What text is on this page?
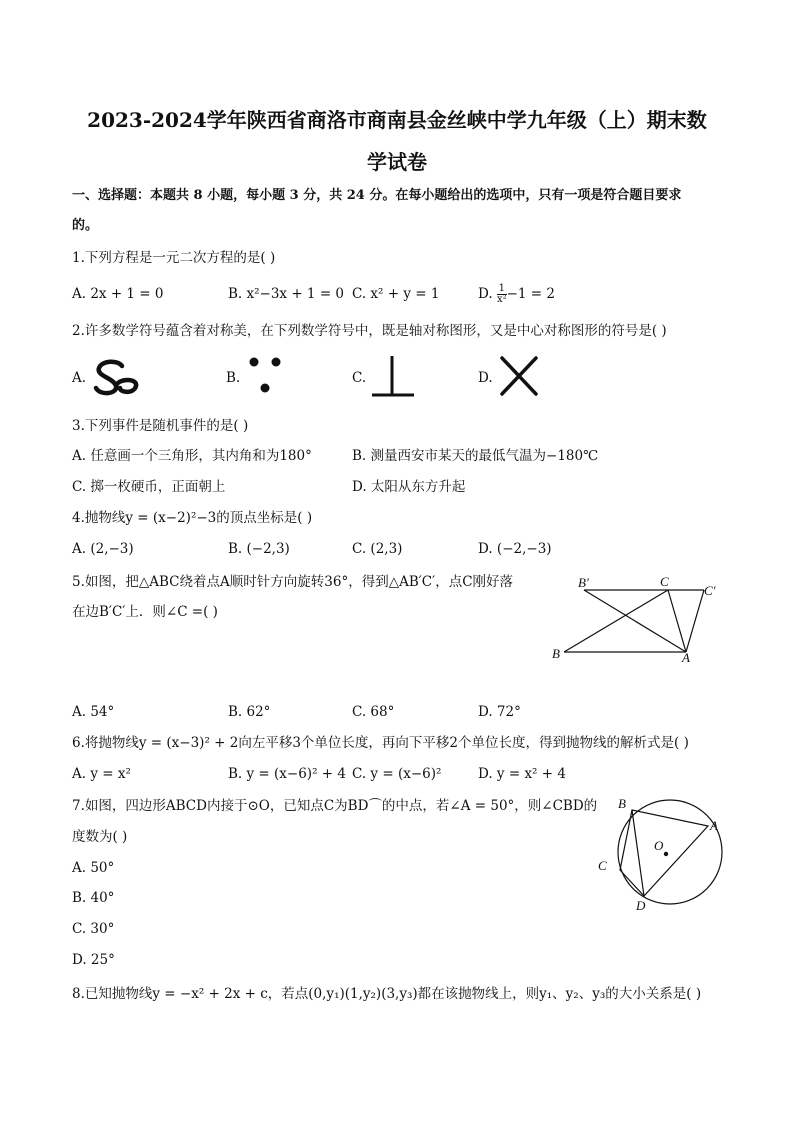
2023-2024学年陕西省商洛市商南县金丝峡中学九年级（上）期末数
学试卷
一、选择题：本题共 8 小题，每小题 3 分，共 24 分。在每小题给出的选项中，只有一项是符合题目要求
的。
1.下列方程是一元二次方程的是( )
A. 2x + 1 = 0	B. x²−3x + 1 = 0 C. x² + y = 1	D. $\frac{1}{\text{x²}} -1 = 2$
2.许多数学符号蕴含着对称美，在下列数学符号中，既是轴对称图形，又是中心对称图形的符号是( )
A.	B.	C.	D.
3.下列事件是随机事件的是( )
A. 任意画一个三角形，其内角和为180°	B. 测量西安市某天的最低气温为−180℃
C. 掷一枚硬币，正面朝上	D. 太阳从东方升起
4.抛物线y = (x−2)²−3的顶点坐标是( )
A. (2,−3)	B. (−2,3)	C. (2,3)	D. (−2,−3)
5.如图，把△ABC绕着点A顺时针方向旋转36°，得到△AB′C′，点C刚好落
在边B′C′上．则∠C =( )
B′	C
C′
B	A
A. 54°	B. 62°	C. 68°	D. 72°
6.将抛物线y = (x−3)² + 2向左平移3个单位长度，再向下平移2个单位长度，得到抛物线的解析式是( )
A. y = x²	B. y = (x−6)² + 4 C. y = (x−6)²	D. y = x² + 4
7.如图，四边形ABCD内接于⊙O，已知点C为BD⌒的中点，若∠A = 50°，则∠CBD的
度数为( )
B
A
O
C
D
A. 50°
B. 40°
C. 30°
D. 25°
8.已知抛物线y = −x² + 2x + c，若点(0,y₁)(1,y₂)(3,y₃)都在该抛物线上，则y₁、y₂、y₃的大小关系是( )
